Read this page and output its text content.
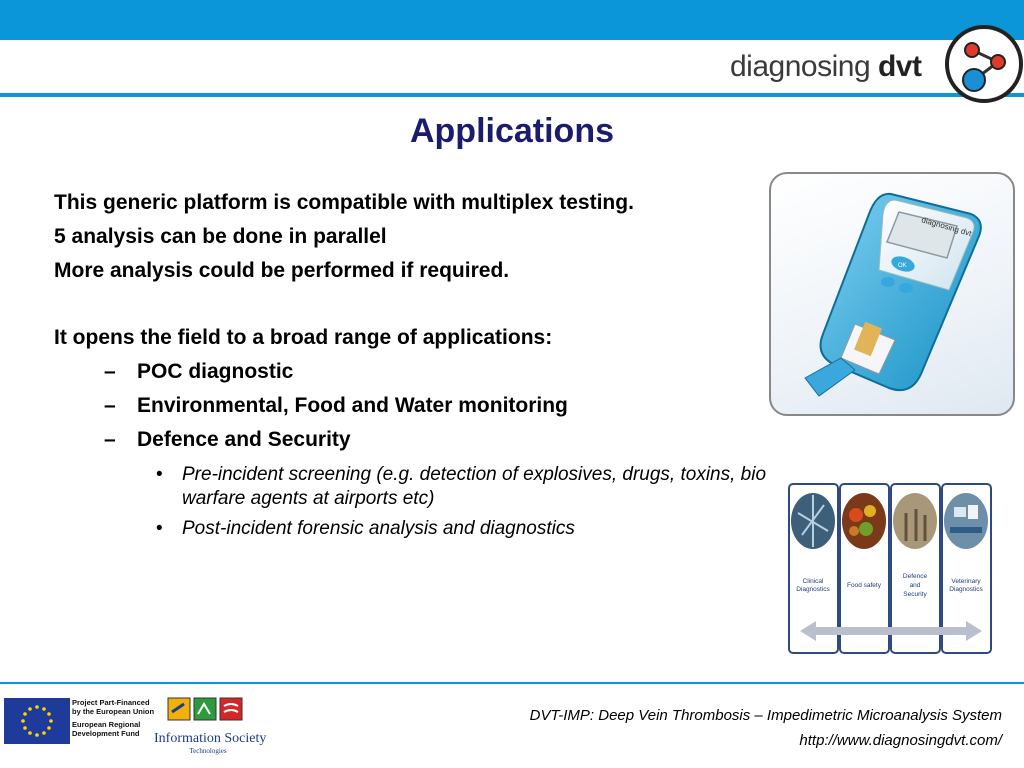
diagnosing dvt
Applications

This generic platform is compatible with multiplex testing.

5 analysis can be done in parallel

More analysis could be performed if required.

It opens the field to a broad range of applications:

– POC diagnostic
– Environmental, Food and Water monitoring
– Defence and Security
• Pre-incident screening (e.g. detection of explosives, drugs, toxins, bio warfare agents at airports etc)
• Post-incident forensic analysis and diagnostics
diagnosing dvt
OK
Clinical Diagnostics
Food safety
Defence and Security
Veterinary Diagnostics
Project Part-Financed
by the European Union
European Regional
Development Fund	Information Society
Technologies
DVT-IMP: Deep Vein Thrombosis – Impedimetric Microanalysis System
http://www.diagnosingdvt.com/
